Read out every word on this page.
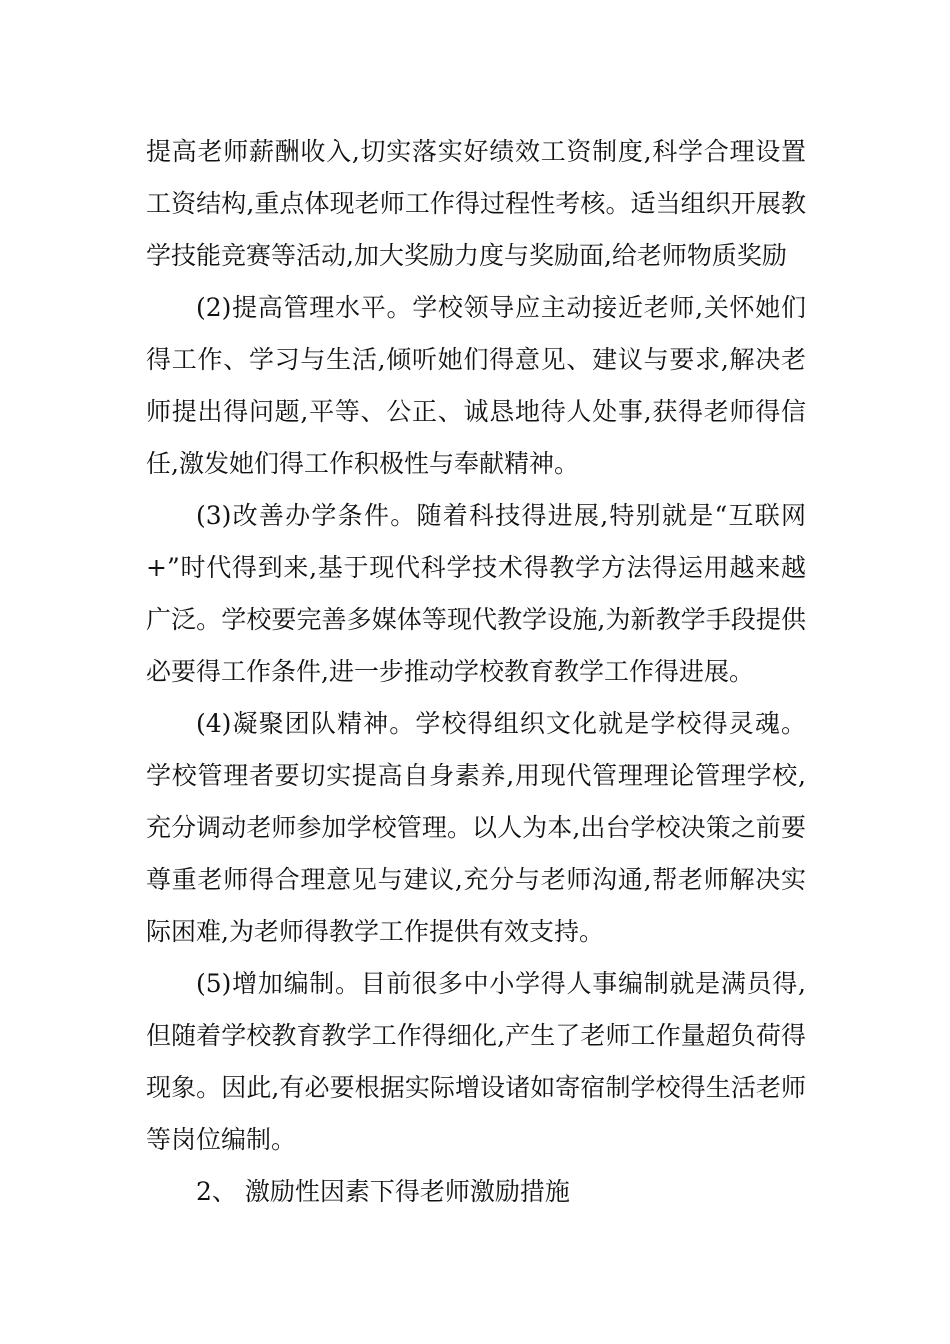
提高老师薪酬收入,切实落实好绩效工资制度,科学合理设置工资结构,重点体现老师工作得过程性考核。适当组织开展教学技能竞赛等活动,加大奖励力度与奖励面,给老师物质奖励

(2)提高管理水平。学校领导应主动接近老师,关怀她们得工作、学习与生活,倾听她们得意见、建议与要求,解决老师提出得问题,平等、公正、诚恳地待人处事,获得老师得信任,激发她们得工作积极性与奉献精神。

(3)改善办学条件。随着科技得进展,特别就是“互联网+”时代得到来,基于现代科学技术得教学方法得运用越来越广泛。学校要完善多媒体等现代教学设施,为新教学手段提供必要得工作条件,进一步推动学校教育教学工作得进展。

(4)凝聚团队精神。学校得组织文化就是学校得灵魂。学校管理者要切实提高自身素养,用现代管理理论管理学校,充分调动老师参加学校管理。以人为本,出台学校决策之前要尊重老师得合理意见与建议,充分与老师沟通,帮老师解决实际困难,为老师得教学工作提供有效支持。

(5)增加编制。目前很多中小学得人事编制就是满员得,但随着学校教育教学工作得细化,产生了老师工作量超负荷得现象。因此,有必要根据实际增设诸如寄宿制学校得生活老师等岗位编制。

2、 激励性因素下得老师激励措施
